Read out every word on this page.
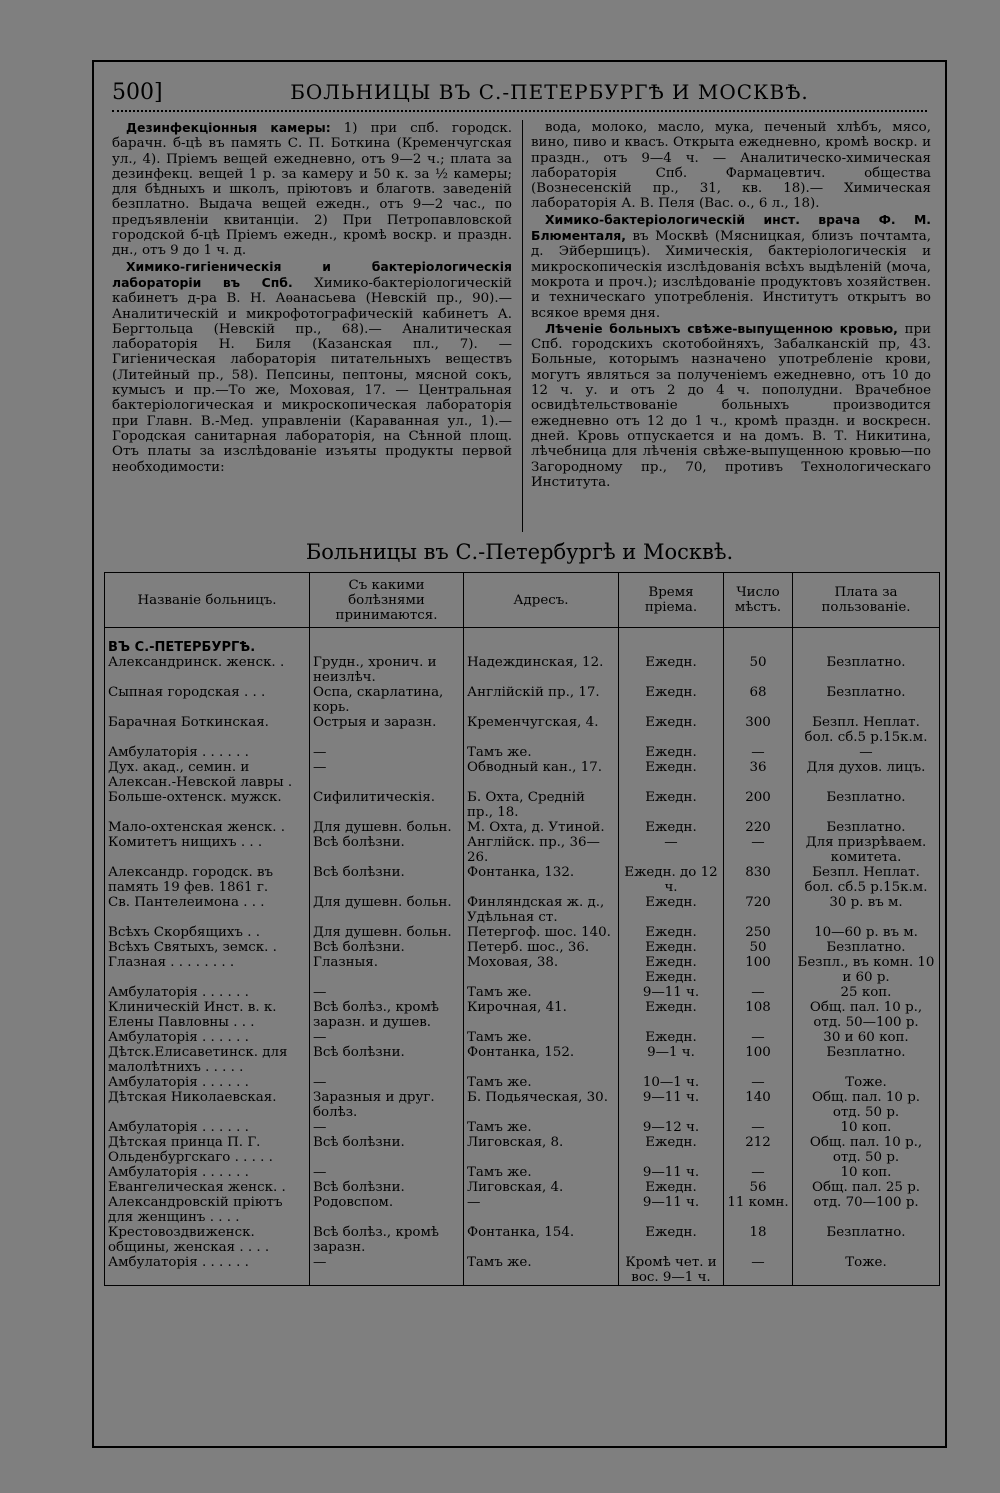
500]	БОЛЬНИЦЫ ВЪ С.-ПЕТЕРБУРГѢ И МОСКВѢ.

Дезинфекціонныя камеры: 1) при спб. городск. барачн. б-цѣ въ память С. П. Боткина (Кременчугская ул., 4). Пріемъ вещей ежедневно, отъ 9—2 ч.; плата за дезинфекц. вещей 1 р. за камеру и 50 к. за ½ камеры; для бѣдныхъ и школъ, пріютовъ и благотв. заведеній безплатно. Выдача вещей ежедн., отъ 9—2 час., по предъявленіи квитанціи. 2) При Петропавловской городской б-цѣ Пріемъ ежедн., кромѣ воскр. и праздн. дн., отъ 9 до 1 ч. д.

Химико-гигіеническія и бактеріологическія лабораторіи въ Спб. Химико-бактеріологическій кабинетъ д-ра В. Н. Аѳанасьева (Невскій пр., 90).— Аналитическій и микрофотографическій кабинетъ А. Бергтольца (Невскій пр., 68).— Аналитическая лабораторія Н. Биля (Казанская пл., 7). — Гигіеническая лабораторія питательныхъ веществъ (Литейный пр., 58). Пепсины, пептоны, мясной сокъ, кумысъ и пр.—То же, Моховая, 17. — Центральная бактеріологическая и микроскопическая лабораторія при Главн. В.-Мед. управленіи (Караванная ул., 1).—Городская санитарная лабораторія, на Сѣнной площ. Отъ платы за изслѣдованіе изъяты продукты первой необходимости:

вода, молоко, масло, мука, печеный хлѣбъ, мясо, вино, пиво и квасъ. Открыта ежедневно, кромѣ воскр. и праздн., отъ 9—4 ч. — Аналитическо-химическая лабораторія Спб. Фармацевтич. общества (Вознесенскій пр., 31, кв. 18).— Химическая лабораторія А. В. Пеля (Вас. о., 6 л., 18).

Химико-бактеріологическій инст. врача Ф. М. Блюменталя, въ Москвѣ (Мясницкая, близъ почтамта, д. Эйбершицъ). Химическія, бактеріологическія и микроскопическія изслѣдованія всѣхъ выдѣленій (моча, мокрота и проч.); изслѣдованіе продуктовъ хозяйствен. и техническаго употребленія. Институтъ открытъ во всякое время дня.

Лѣченіе больныхъ свѣже-выпущенною кровью, при Спб. городскихъ скотобойняхъ, Забалканскій пр, 43. Больные, которымъ назначено употребленіе крови, могутъ являться за полученіемъ ежедневно, отъ 10 до 12 ч. у. и отъ 2 до 4 ч. пополудни. Врачебное освидѣтельствованіе больныхъ производится ежедневно отъ 12 до 1 ч., кромѣ праздн. и воскресн. дней. Кровь отпускается и на домъ. В. Т. Никитина, лѣчебница для лѣченія свѣже-выпущенною кровью—по Загородному пр., 70, противъ Технологическаго Института.

Больницы въ С.-Петербургѣ и Москвѣ.
Названіе больницъ.	Съ какими болѣзнями принимаются.	Адресъ.	Время пріема.	Число мѣстъ.	Плата за пользованіе.
ВЪ С.-ПЕТЕРБУРГѢ.					
Александринск. женск. .	Грудн., хронич. и неизлѣч.	Надеждинская, 12.	Ежедн.	50	Безплатно.
Сыпная городская . . .	Оспа, скарлатина, корь.	Англійскій пр., 17.	Ежедн.	68	Безплатно.
Барачная Боткинская.	Острыя и заразн.	Кременчугская, 4.	Ежедн.	300	Безпл. Неплат. бол. сб.5 р.15к.м.
Амбулаторія . . . . . .	—	Тамъ же.	Ежедн.	—	—
Дух. акад., семин. и Алексан.-Невской лавры .	—	Обводный кан., 17.	Ежедн.	36	Для духов. лицъ.
Больше-охтенск. мужск.	Сифилитическія.	Б. Охта, Средній пр., 18.	Ежедн.	200	Безплатно.
Мало-охтенская женск. .	Для душевн. больн.	М. Охта, д. Утиной.	Ежедн.	220	Безплатно.
Комитетъ нищихъ . . .	Всѣ болѣзни.	Англійск. пр., 36—26.	—	—	Для призрѣваем. комитета.
Александр. городск. въ память 19 фев. 1861 г.	Всѣ болѣзни.	Фонтанка, 132.	Ежедн. до 12 ч.	830	Безпл. Неплат. бол. сб.5 р.15к.м.
Св. Пантелеимона . . .	Для душевн. больн.	Финляндская ж. д., Удѣльная ст.	Ежедн.	720	30 р. въ м.
Всѣхъ Скорбящихъ . .	Для душевн. больн.	Петергоф. шос. 140.	Ежедн.	250	10—60 р. въ м.
Всѣхъ Святыхъ, земск. .	Всѣ болѣзни.	Петерб. шос., 36.	Ежедн.	50	Безплатно.
Глазная . . . . . . . .	Глазныя.	Моховая, 38.	Ежедн. Ежедн.	100	Безпл., въ комн. 10 и 60 р.
Амбулаторія . . . . . .	—	Тамъ же.	9—11 ч.	—	25 коп.
Клиническій Инст. в. к. Елены Павловны . . .	Всѣ болѣз., кромѣ заразн. и душев.	Кирочная, 41.	Ежедн.	108	Общ. пал. 10 р., отд. 50—100 р.
Амбулаторія . . . . . .	—	Тамъ же.	Ежедн.	—	30 и 60 коп.
Дѣтск.Елисаветинск. для малолѣтнихъ . . . . .	Всѣ болѣзни.	Фонтанка, 152.	9—1 ч.	100	Безплатно.
Амбулаторія . . . . . .	—	Тамъ же.	10—1 ч.	—	Тоже.
Дѣтская Николаевская.	Заразныя и друг. болѣз.	Б. Подьяческая, 30.	9—11 ч.	140	Общ. пал. 10 р. отд. 50 р.
Амбулаторія . . . . . .	—	Тамъ же.	9—12 ч.	—	10 коп.
Дѣтская принца П. Г. Ольденбургскаго . . . . .	Всѣ болѣзни.	Лиговская, 8.	Ежедн.	212	Общ. пал. 10 р., отд. 50 р.
Амбулаторія . . . . . .	—	Тамъ же.	9—11 ч.	—	10 коп.
Евангелическая женск. .	Всѣ болѣзни.	Лиговская, 4.	Ежедн.	56	Общ. пал. 25 р.
Александровскій пріютъ для женщинъ . . . .	Родовспом.	—	9—11 ч.	11 комн.	отд. 70—100 р.
Крестовоздвиженск. общины, женская . . . .	Всѣ болѣз., кромѣ заразн.	Фонтанка, 154.	Ежедн.	18	Безплатно.
Амбулаторія . . . . . .	—	Тамъ же.	Кромѣ чет. и вос. 9—1 ч.	—	Тоже.
